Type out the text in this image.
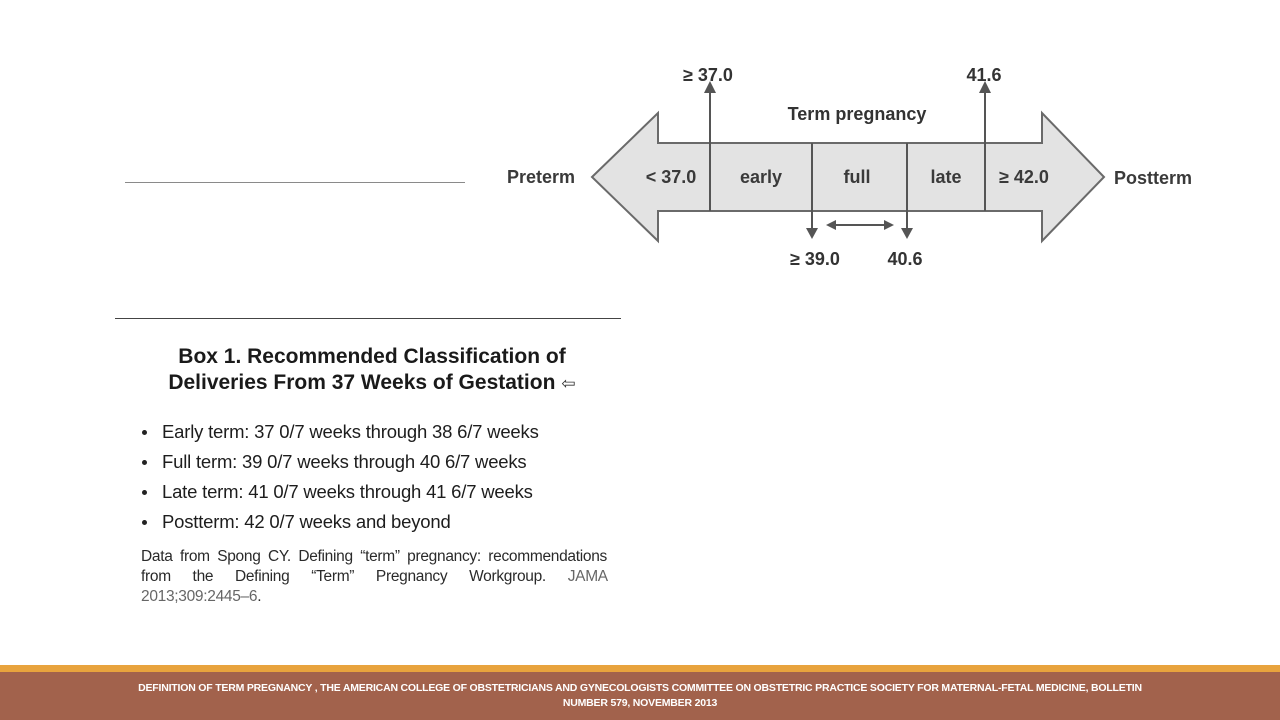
Term pregnancy
Preterm	Postterm
< 37.0 early	full	late ≥ 42.0
≥ 37.0	41.6
≥ 39.0	40.6

Box 1. Recommended Classification of
Deliveries From 37 Weeks of Gestation ⇦

Early term: 37 0/7 weeks through 38 6/7 weeks
Full term: 39 0/7 weeks through 40 6/7 weeks
Late term: 41 0/7 weeks through 41 6/7 weeks
Postterm: 42 0/7 weeks and beyond

Data from Spong CY. Defining “term” pregnancy: recommendations from the Defining “Term” Pregnancy Workgroup. JAMA 2013;309:2445–6.

DEFINITION OF TERM PREGNANCY , THE AMERICAN COLLEGE OF OBSTETRICIANS AND GYNECOLOGISTS COMMITTEE ON OBSTETRIC PRACTICE SOCIETY FOR MATERNAL-FETAL MEDICINE, BOLLETIN NUMBER 579, NOVEMBER 2013
